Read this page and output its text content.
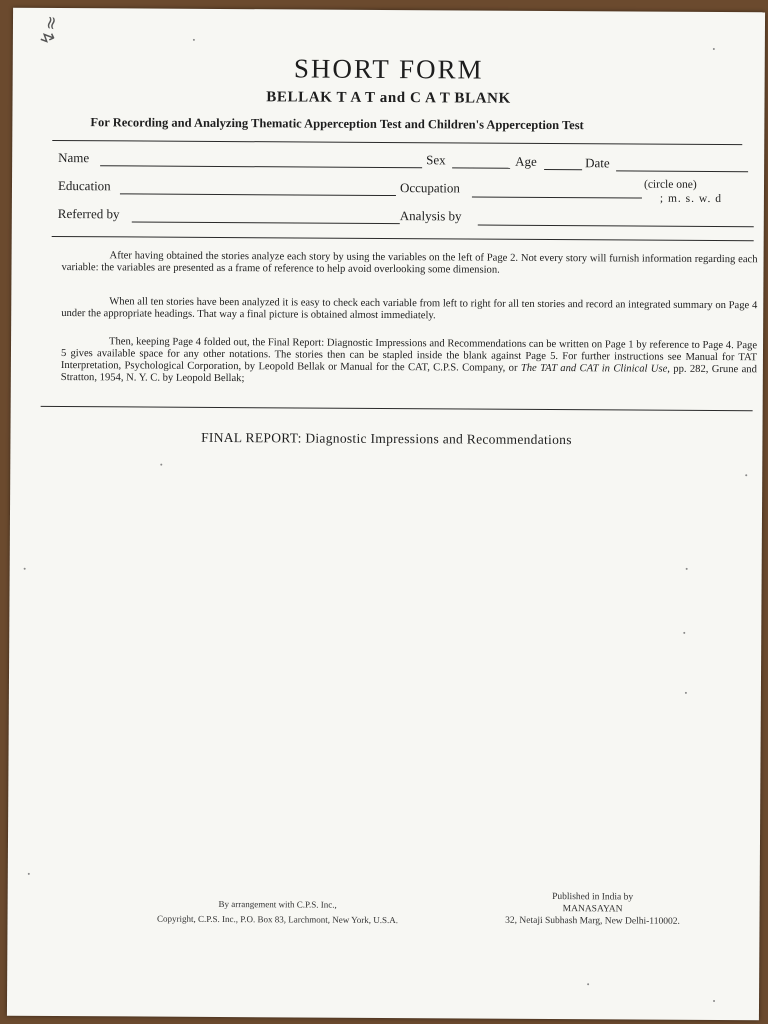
↯≈
SHORT FORM
BELLAK T A T and C A T BLANK
For Recording and Analyzing Thematic Apperception Test and Children's Apperception Test
Name	Sex	Age	Date
Education	Occupation	(circle one)
; m. s. w. d
Referred by	Analysis by

After having obtained the stories analyze each story by using the variables on the left of Page 2. Not every story will furnish information regarding each variable: the variables are presented as a frame of reference to help avoid overlooking some dimension.

When all ten stories have been analyzed it is easy to check each variable from left to right for all ten stories and record an integrated summary on Page 4 under the appropriate headings. That way a final picture is obtained almost immediately.

Then, keeping Page 4 folded out, the Final Report: Diagnostic Impressions and Recommendations can be written on Page 1 by reference to Page 4. Page 5 gives available space for any other notations. The stories then can be stapled inside the blank against Page 5. For further instructions see Manual for TAT Interpretation, Psychological Corporation, by Leopold Bellak or Manual for the CAT, C.P.S. Company, or The TAT and CAT in Clinical Use, pp. 282, Grune and Stratton, 1954, N. Y. C. by Leopold Bellak;

FINAL REPORT: Diagnostic Impressions and Recommendations
By arrangement with C.P.S. Inc.,
Copyright, C.P.S. Inc., P.O. Box 83, Larchmont, New York, U.S.A.
Published in India by
MANASAYAN
32, Netaji Subhash Marg, New Delhi-110002.
